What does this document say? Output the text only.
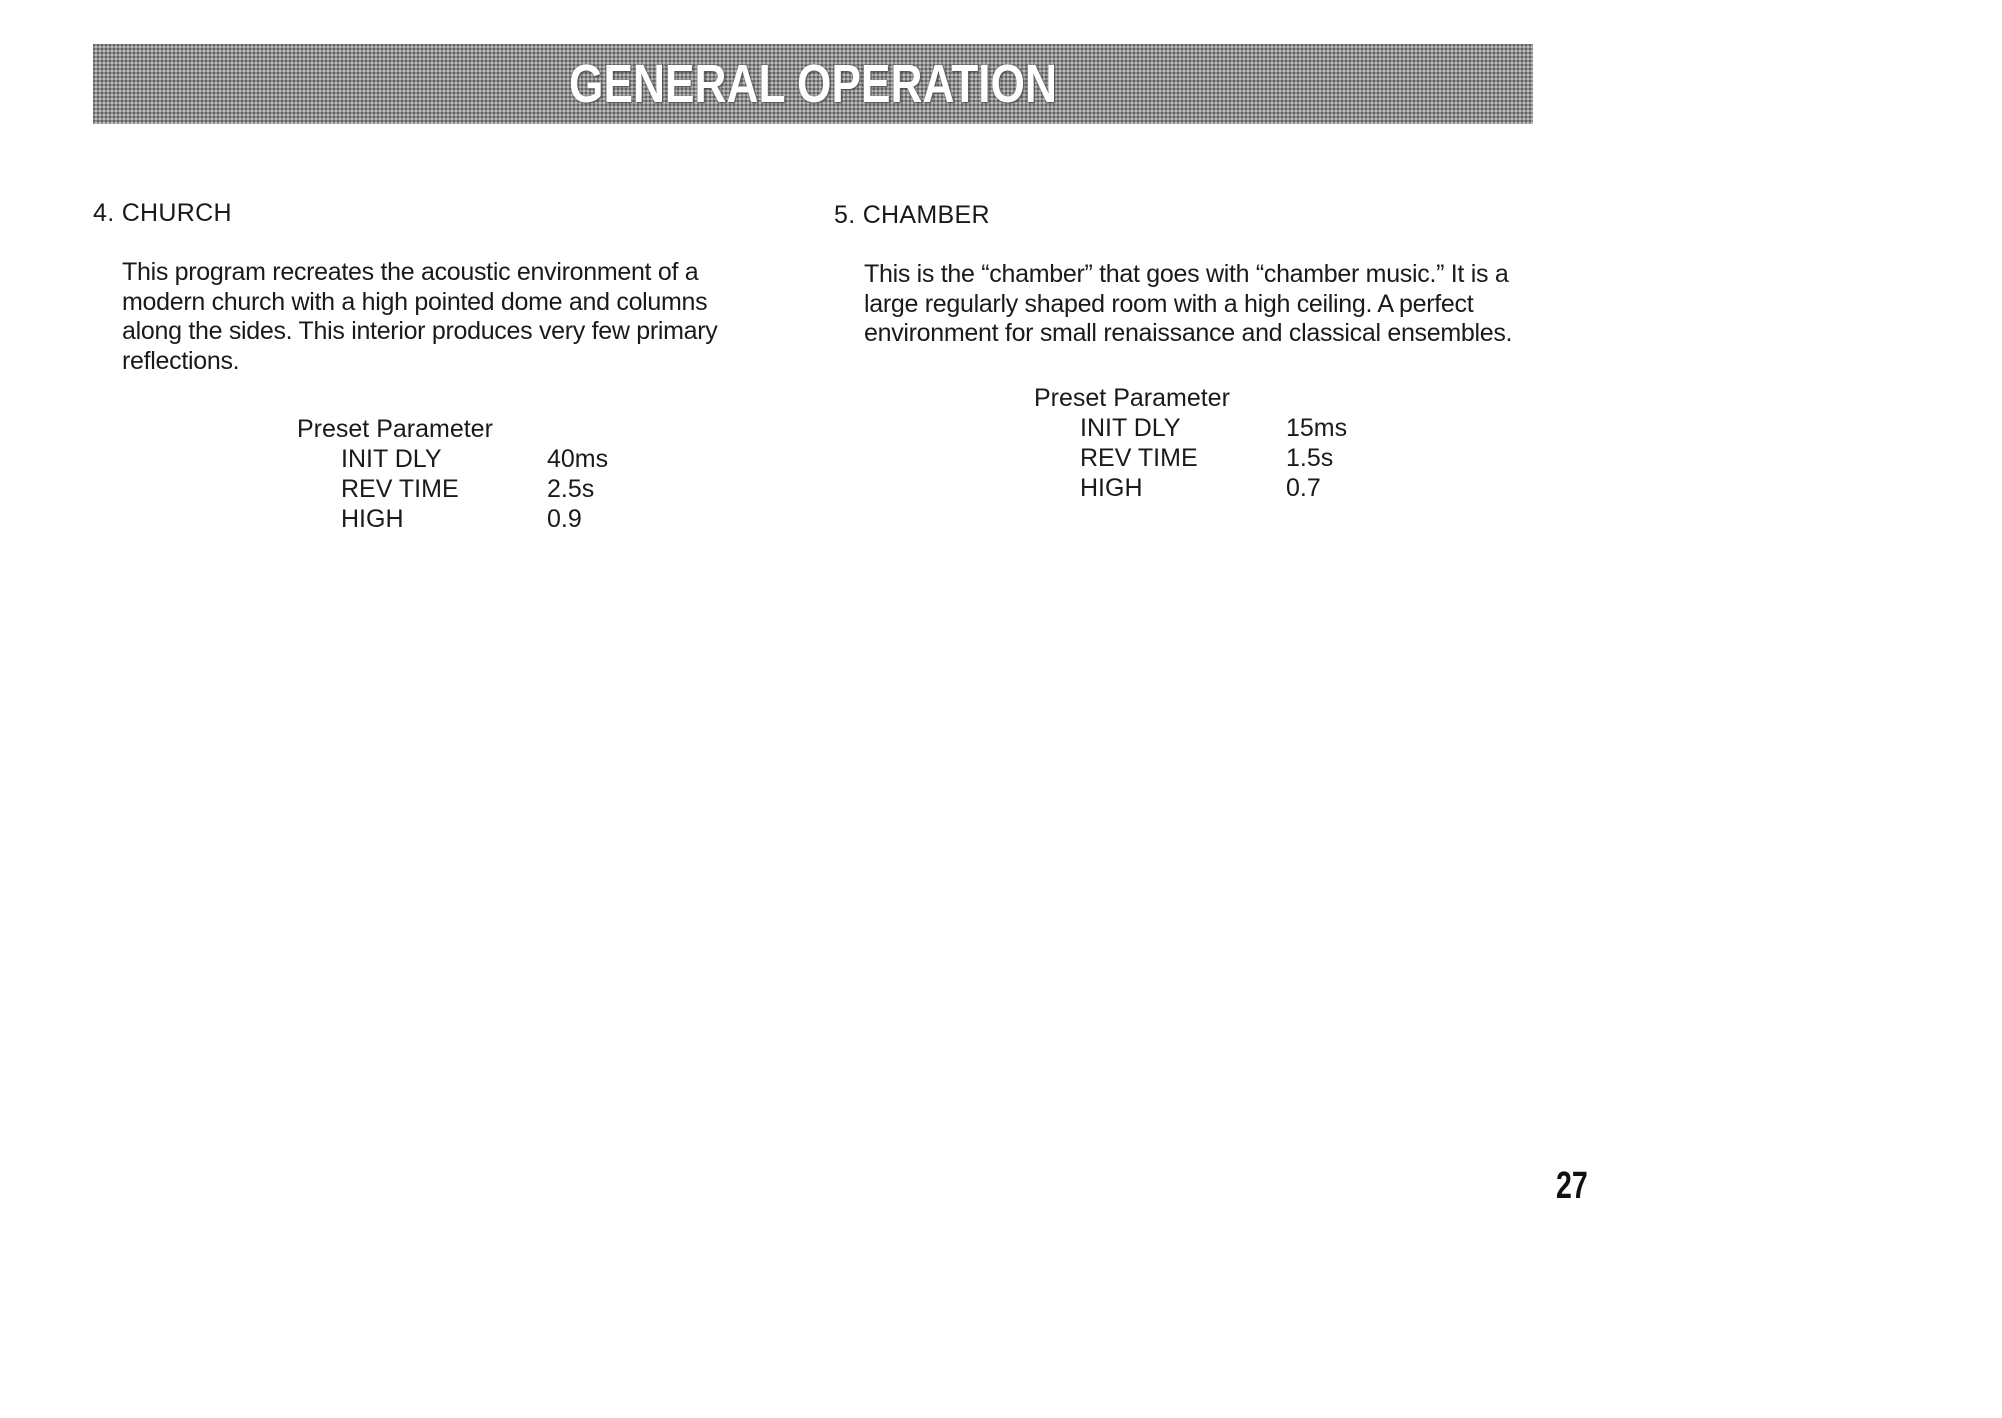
GENERAL OPERATION
4. CHURCH
This program recreates the acoustic environment of a
modern church with a high pointed dome and columns
along the sides. This interior produces very few primary
reflections.
Preset Parameter
INIT DLY	40ms
REV TIME	2.5s
HIGH	0.9
5. CHAMBER
This is the “chamber” that goes with “chamber music.” It is a
large regularly shaped room with a high ceiling. A perfect
environment for small renaissance and classical ensembles.
Preset Parameter
INIT DLY	15ms
REV TIME	1.5s
HIGH	0.7
27
